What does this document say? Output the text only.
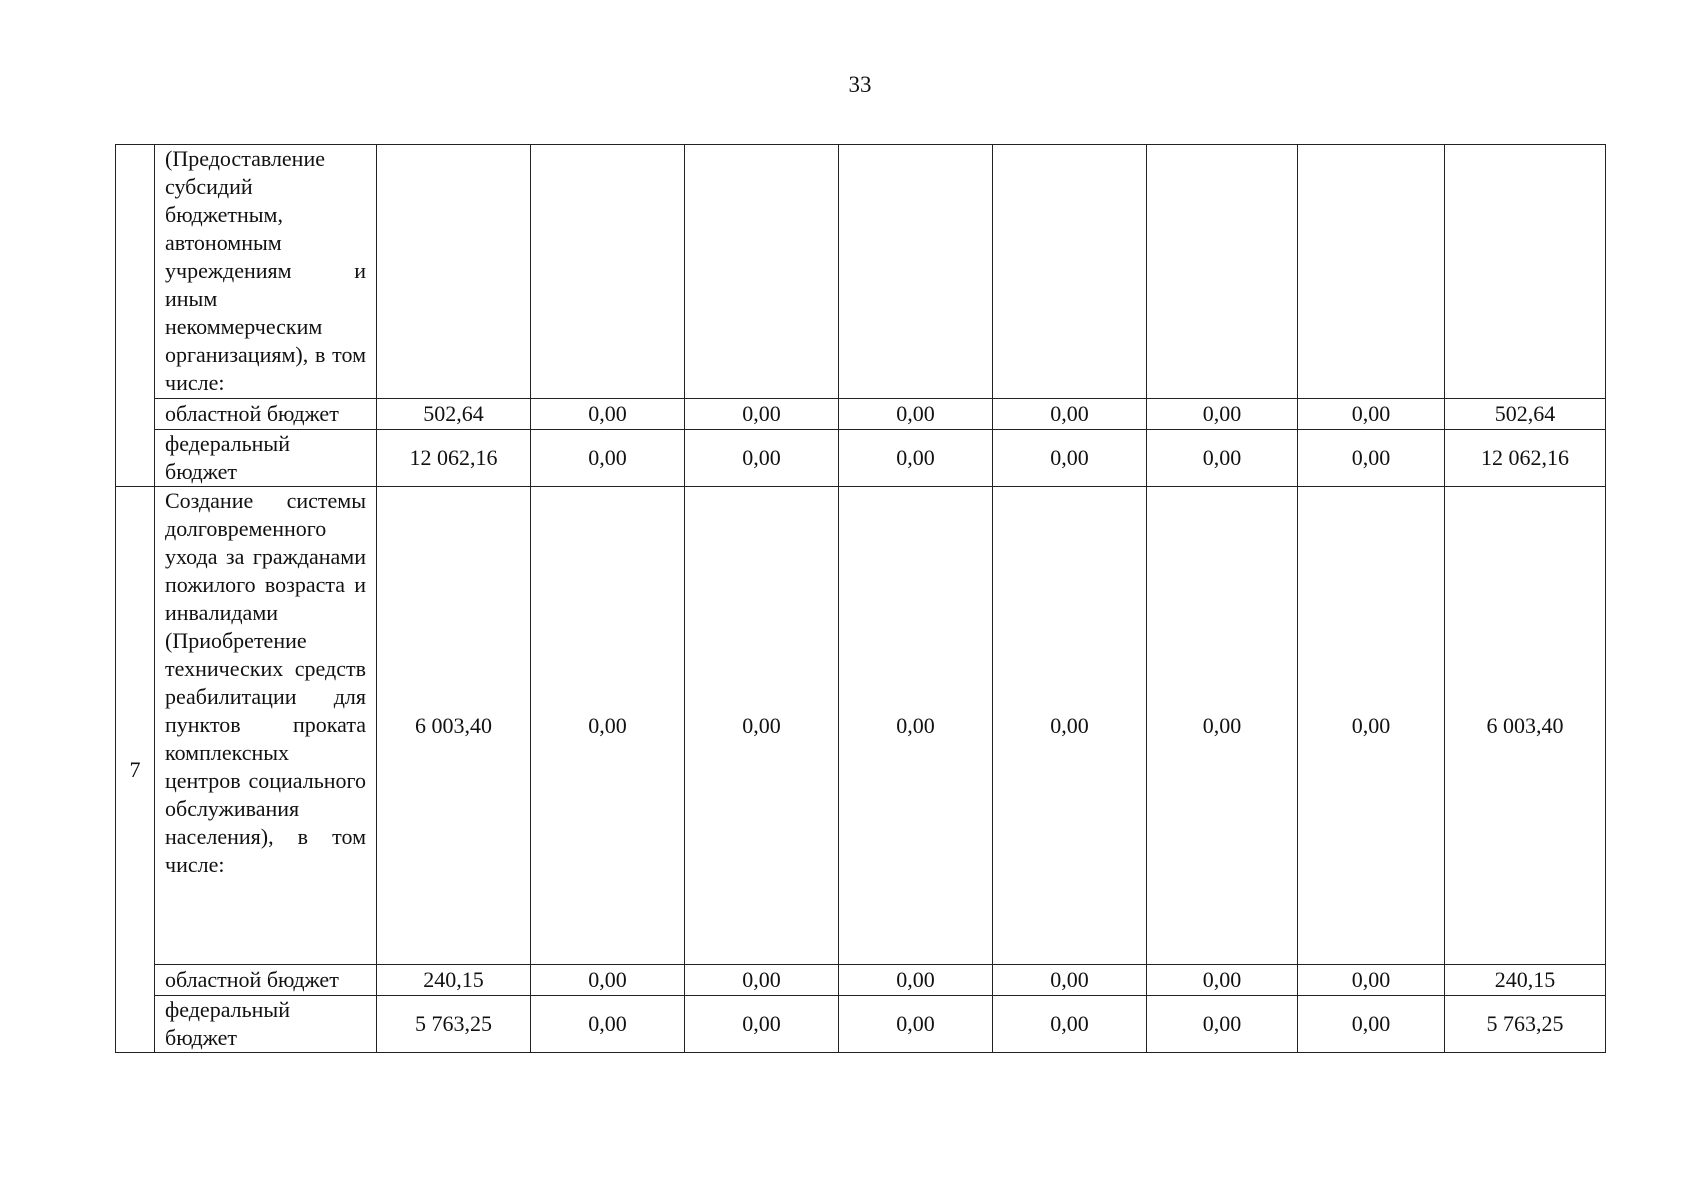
33

	(Предоставление субсидий бюджетным, автономным учреждениям и иным некоммерческим организациям), в том числе:								

	областной бюджет	502,64	0,00	0,00	0,00	0,00	0,00	0,00	502,64
	федеральный бюджет	12 062,16	0,00	0,00	0,00	0,00	0,00	0,00	12 062,16
7	Создание системы долговременного ухода за гражданами пожилого возраста и инвалидами (Приобретение технических средств реабилитации для пунктов проката комплексных центров социального обслуживания населения), в том числе:	6 003,40	0,00	0,00	0,00	0,00	0,00	0,00	6 003,40
	областной бюджет	240,15	0,00	0,00	0,00	0,00	0,00	0,00	240,15
	федеральный бюджет	5 763,25	0,00	0,00	0,00	0,00	0,00	0,00	5 763,25
